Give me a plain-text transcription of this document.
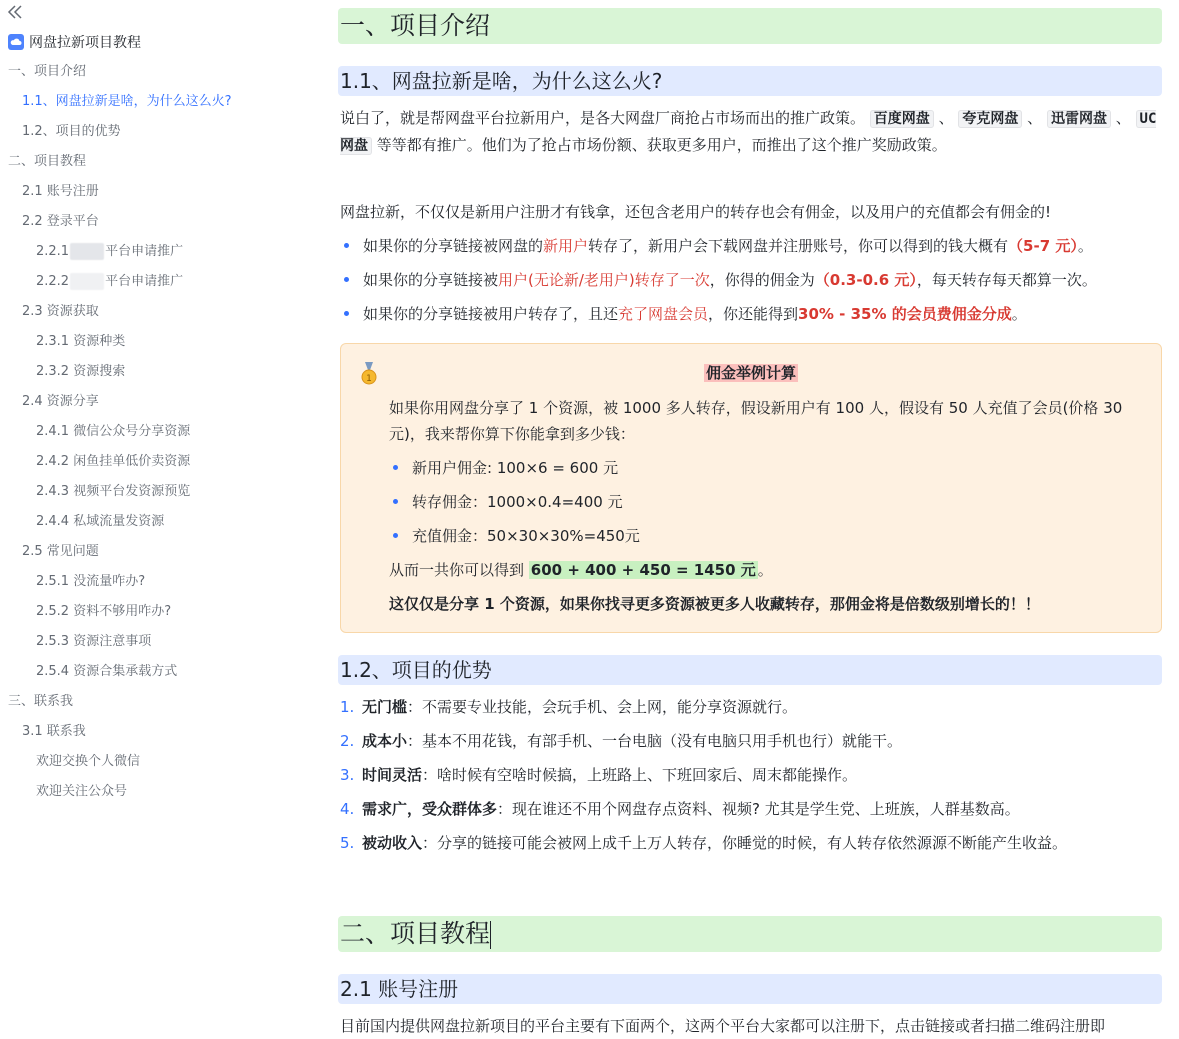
网盘拉新项目教程
一、项目介绍
1.1、网盘拉新是啥，为什么这么火?
1.2、项目的优势
二、项目教程
2.1 账号注册
2.2 登录平台
2.2.1	平台申请推广
2.2.2	平台申请推广
2.3 资源获取
2.3.1 资源种类
2.3.2 资源搜索
2.4 资源分享
2.4.1 微信公众号分享资源
2.4.2 闲鱼挂单低价卖资源
2.4.3 视频平台发资源预览
2.4.4 私域流量发资源
2.5 常见问题
2.5.1 没流量咋办?
2.5.2 资料不够用咋办?
2.5.3 资源注意事项
2.5.4 资源合集承载方式
三、联系我
3.1 联系我
欢迎交换个人微信
欢迎关注公众号
一、项目介绍
1.1、网盘拉新是啥，为什么这么火?
说白了，就是帮网盘平台拉新用户，是各大网盘厂商抢占市场而出的推广政策。 百度网盘 、 夸克网盘 、 迅雷网盘 、 UC网盘 等等都有推广。他们为了抢占市场份额、获取更多用户，而推出了这个推广奖励政策。
网盘拉新，不仅仅是新用户注册才有钱拿，还包含老用户的转存也会有佣金，以及用户的充值都会有佣金的!
如果你的分享链接被网盘的新用户转存了，新用户会下载网盘并注册账号，你可以得到的钱大概有（5-7 元）。
如果你的分享链接被用户(无论新/老用户)转存了一次，你得的佣金为（0.3-0.6 元），每天转存每天都算一次。
如果你的分享链接被用户转存了，且还充了网盘会员，你还能得到30% - 35% 的会员费佣金分成。
1	佣金举例计算
如果你用网盘分享了 1 个资源，被 1000 多人转存，假设新用户有 100 人，假设有 50 人充值了会员(价格 30 元)，我来帮你算下你能拿到多少钱：
新用户佣金: 100×6 = 600 元
转存佣金：1000×0.4=400 元
充值佣金：50×30×30%=450元
从而一共你可以得到 600 + 400 + 450 = 1450 元 。
这仅仅是分享 1 个资源，如果你找寻更多资源被更多人收藏转存，那佣金将是倍数级别增长的！！
1.2、项目的优势
1. 无门槛：不需要专业技能，会玩手机、会上网，能分享资源就行。
2. 成本小：基本不用花钱，有部手机、一台电脑（没有电脑只用手机也行）就能干。
3. 时间灵活：啥时候有空啥时候搞，上班路上、下班回家后、周末都能操作。
4. 需求广，受众群体多：现在谁还不用个网盘存点资料、视频? 尤其是学生党、上班族，人群基数高。
5. 被动收入：分享的链接可能会被网上成千上万人转存，你睡觉的时候，有人转存依然源源不断能产生收益。
二、项目教程
2.1 账号注册
目前国内提供网盘拉新项目的平台主要有下面两个，这两个平台大家都可以注册下，点击链接或者扫描二维码注册即
